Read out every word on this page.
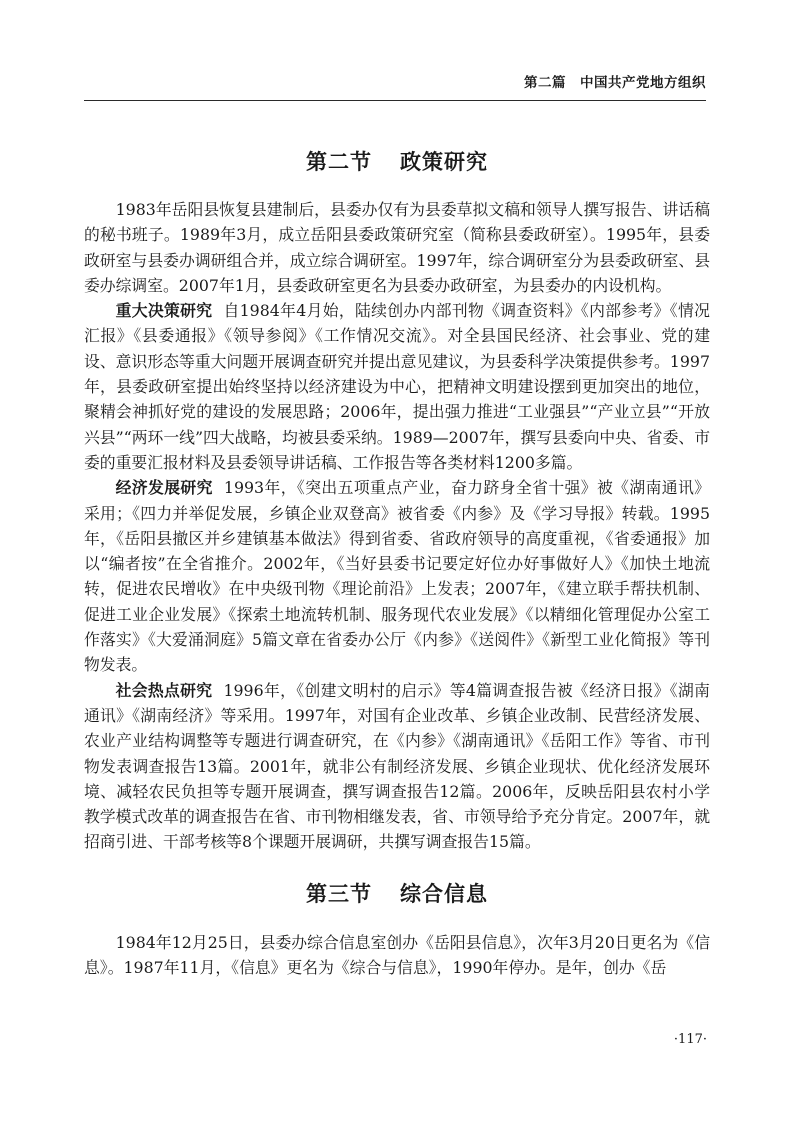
第二篇 中国共产党地方组织
第二节 政策研究

1983年岳阳县恢复县建制后，县委办仅有为县委草拟文稿和领导人撰写报告、讲话稿的秘书班子。1989年3月，成立岳阳县委政策研究室（简称县委政研室）。1995年，县委政研室与县委办调研组合并，成立综合调研室。1997年，综合调研室分为县委政研室、县委办综调室。2007年1月，县委政研室更名为县委办政研室，为县委办的内设机构。

重大决策研究 自1984年4月始，陆续创办内部刊物《调查资料》《内部参考》《情况汇报》《县委通报》《领导参阅》《工作情况交流》。对全县国民经济、社会事业、党的建设、意识形态等重大问题开展调查研究并提出意见建议，为县委科学决策提供参考。1997年，县委政研室提出始终坚持以经济建设为中心，把精神文明建设摆到更加突出的地位，聚精会神抓好党的建设的发展思路；2006年，提出强力推进“工业强县”“产业立县”“开放兴县”“两环一线”四大战略，均被县委采纳。1989—2007年，撰写县委向中央、省委、市委的重要汇报材料及县委领导讲话稿、工作报告等各类材料1200多篇。

经济发展研究 1993年，《突出五项重点产业，奋力跻身全省十强》被《湖南通讯》采用；《四力并举促发展，乡镇企业双登高》被省委《内参》及《学习导报》转载。1995年，《岳阳县撤区并乡建镇基本做法》得到省委、省政府领导的高度重视，《省委通报》加以“编者按”在全省推介。2002年，《当好县委书记要定好位办好事做好人》《加快土地流转，促进农民增收》在中央级刊物《理论前沿》上发表；2007年，《建立联手帮扶机制、促进工业企业发展》《探索土地流转机制、服务现代农业发展》《以精细化管理促办公室工作落实》《大爱涌洞庭》5篇文章在省委办公厅《内参》《送阅件》《新型工业化简报》等刊物发表。

社会热点研究 1996年，《创建文明村的启示》等4篇调查报告被《经济日报》《湖南通讯》《湖南经济》等采用。1997年，对国有企业改革、乡镇企业改制、民营经济发展、农业产业结构调整等专题进行调查研究，在《内参》《湖南通讯》《岳阳工作》等省、市刊物发表调查报告13篇。2001年，就非公有制经济发展、乡镇企业现状、优化经济发展环境、减轻农民负担等专题开展调查，撰写调查报告12篇。2006年，反映岳阳县农村小学教学模式改革的调查报告在省、市刊物相继发表，省、市领导给予充分肯定。2007年，就招商引进、干部考核等8个课题开展调研，共撰写调查报告15篇。

第三节 综合信息

1984年12月25日，县委办综合信息室创办《岳阳县信息》，次年3月20日更名为《信息》。1987年11月，《信息》更名为《综合与信息》，1990年停办。是年，创办《岳

·117·
